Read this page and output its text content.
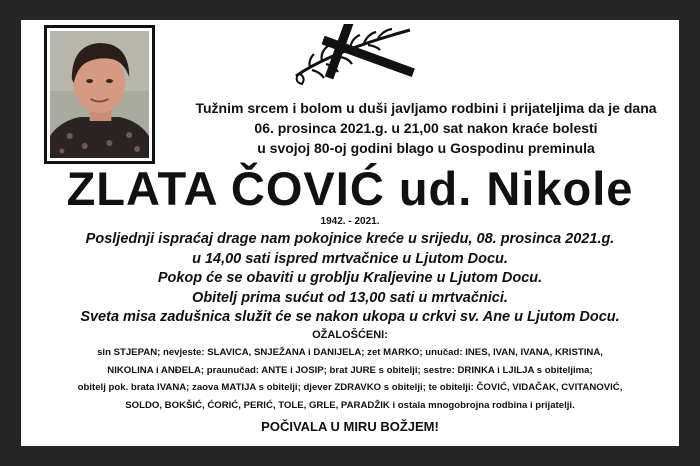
Tužnim srcem i bolom u duši javljamo rodbini i prijateljima da je dana
06. prosinca 2021.g. u 21,00 sat nakon kraće bolesti
u svojoj 80-oj godini blago u Gospodinu preminula
ZLATA ČOVIĆ ud. Nikole
1942. - 2021.
Posljednji ispraćaj drage nam pokojnice kreće u srijedu, 08. prosinca 2021.g.
u 14,00 sati ispred mrtvačnice u Ljutom Docu.
Pokop će se obaviti u groblju Kraljevine u Ljutom Docu.
Obitelj prima sućut od 13,00 sati u mrtvačnici.
Sveta misa zadušnica služit će se nakon ukopa u crkvi sv. Ane u Ljutom Docu.
OŽALOŠĆENI:
sin STJEPAN; nevjeste: SLAVICA, SNJEŽANA i DANIJELA; zet MARKO; unučad: INES, IVAN, IVANA, KRISTINA,
NIKOLINA i ANĐELA; praunučad: ANTE i JOSIP; brat JURE s obitelji; sestre: DRINKA i LJILJA s obiteljima;
obitelj pok. brata IVANA; zaova MATIJA s obitelji; djever ZDRAVKO s obitelji; te obitelji: ČOVIĆ, VIDAČAK, CVITANOVIĆ,
SOLDO, BOKŠIĆ, ĆORIĆ, PERIĆ, TOLE, GRLE, PARADŽIK i ostala mnogobrojna rodbina i prijatelji.
POČIVALA U MIRU BOŽJEM!
